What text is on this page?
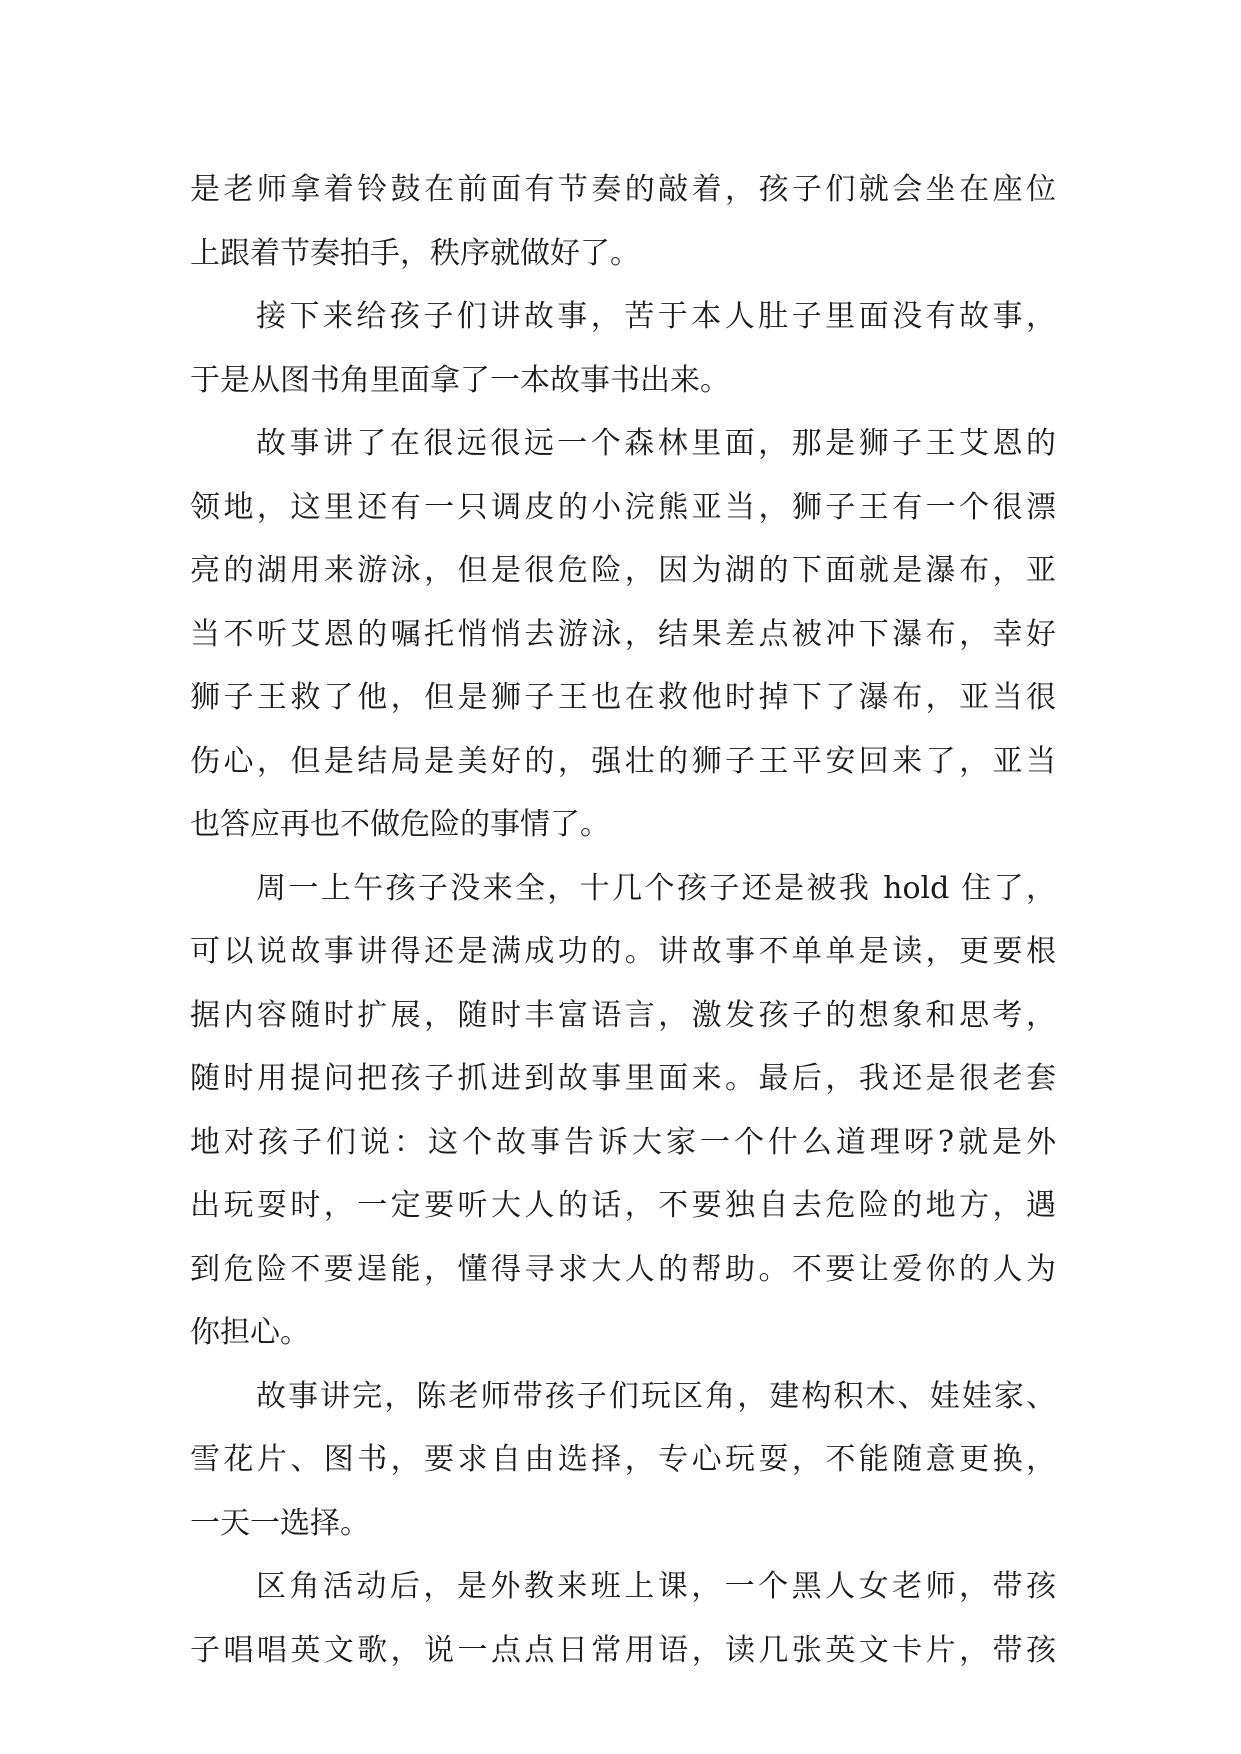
是老师拿着铃鼓在前面有节奏的敲着，孩子们就会坐在座位
上跟着节奏拍手，秩序就做好了。
接下来给孩子们讲故事，苦于本人肚子里面没有故事，
于是从图书角里面拿了一本故事书出来。
故事讲了在很远很远一个森林里面，那是狮子王艾恩的
领地，这里还有一只调皮的小浣熊亚当，狮子王有一个很漂
亮的湖用来游泳，但是很危险，因为湖的下面就是瀑布，亚
当不听艾恩的嘱托悄悄去游泳，结果差点被冲下瀑布，幸好
狮子王救了他，但是狮子王也在救他时掉下了瀑布，亚当很
伤心，但是结局是美好的，强壮的狮子王平安回来了，亚当
也答应再也不做危险的事情了。
周一上午孩子没来全，十几个孩子还是被我 hold 住了，
可以说故事讲得还是满成功的。讲故事不单单是读，更要根
据内容随时扩展，随时丰富语言，激发孩子的想象和思考，
随时用提问把孩子抓进到故事里面来。最后，我还是很老套
地对孩子们说：这个故事告诉大家一个什么道理呀?就是外
出玩耍时，一定要听大人的话，不要独自去危险的地方，遇
到危险不要逞能，懂得寻求大人的帮助。不要让爱你的人为
你担心。
故事讲完，陈老师带孩子们玩区角，建构积木、娃娃家、
雪花片、图书，要求自由选择，专心玩耍，不能随意更换，
一天一选择。
区角活动后，是外教来班上课，一个黑人女老师，带孩
子唱唱英文歌，说一点点日常用语，读几张英文卡片，带孩
